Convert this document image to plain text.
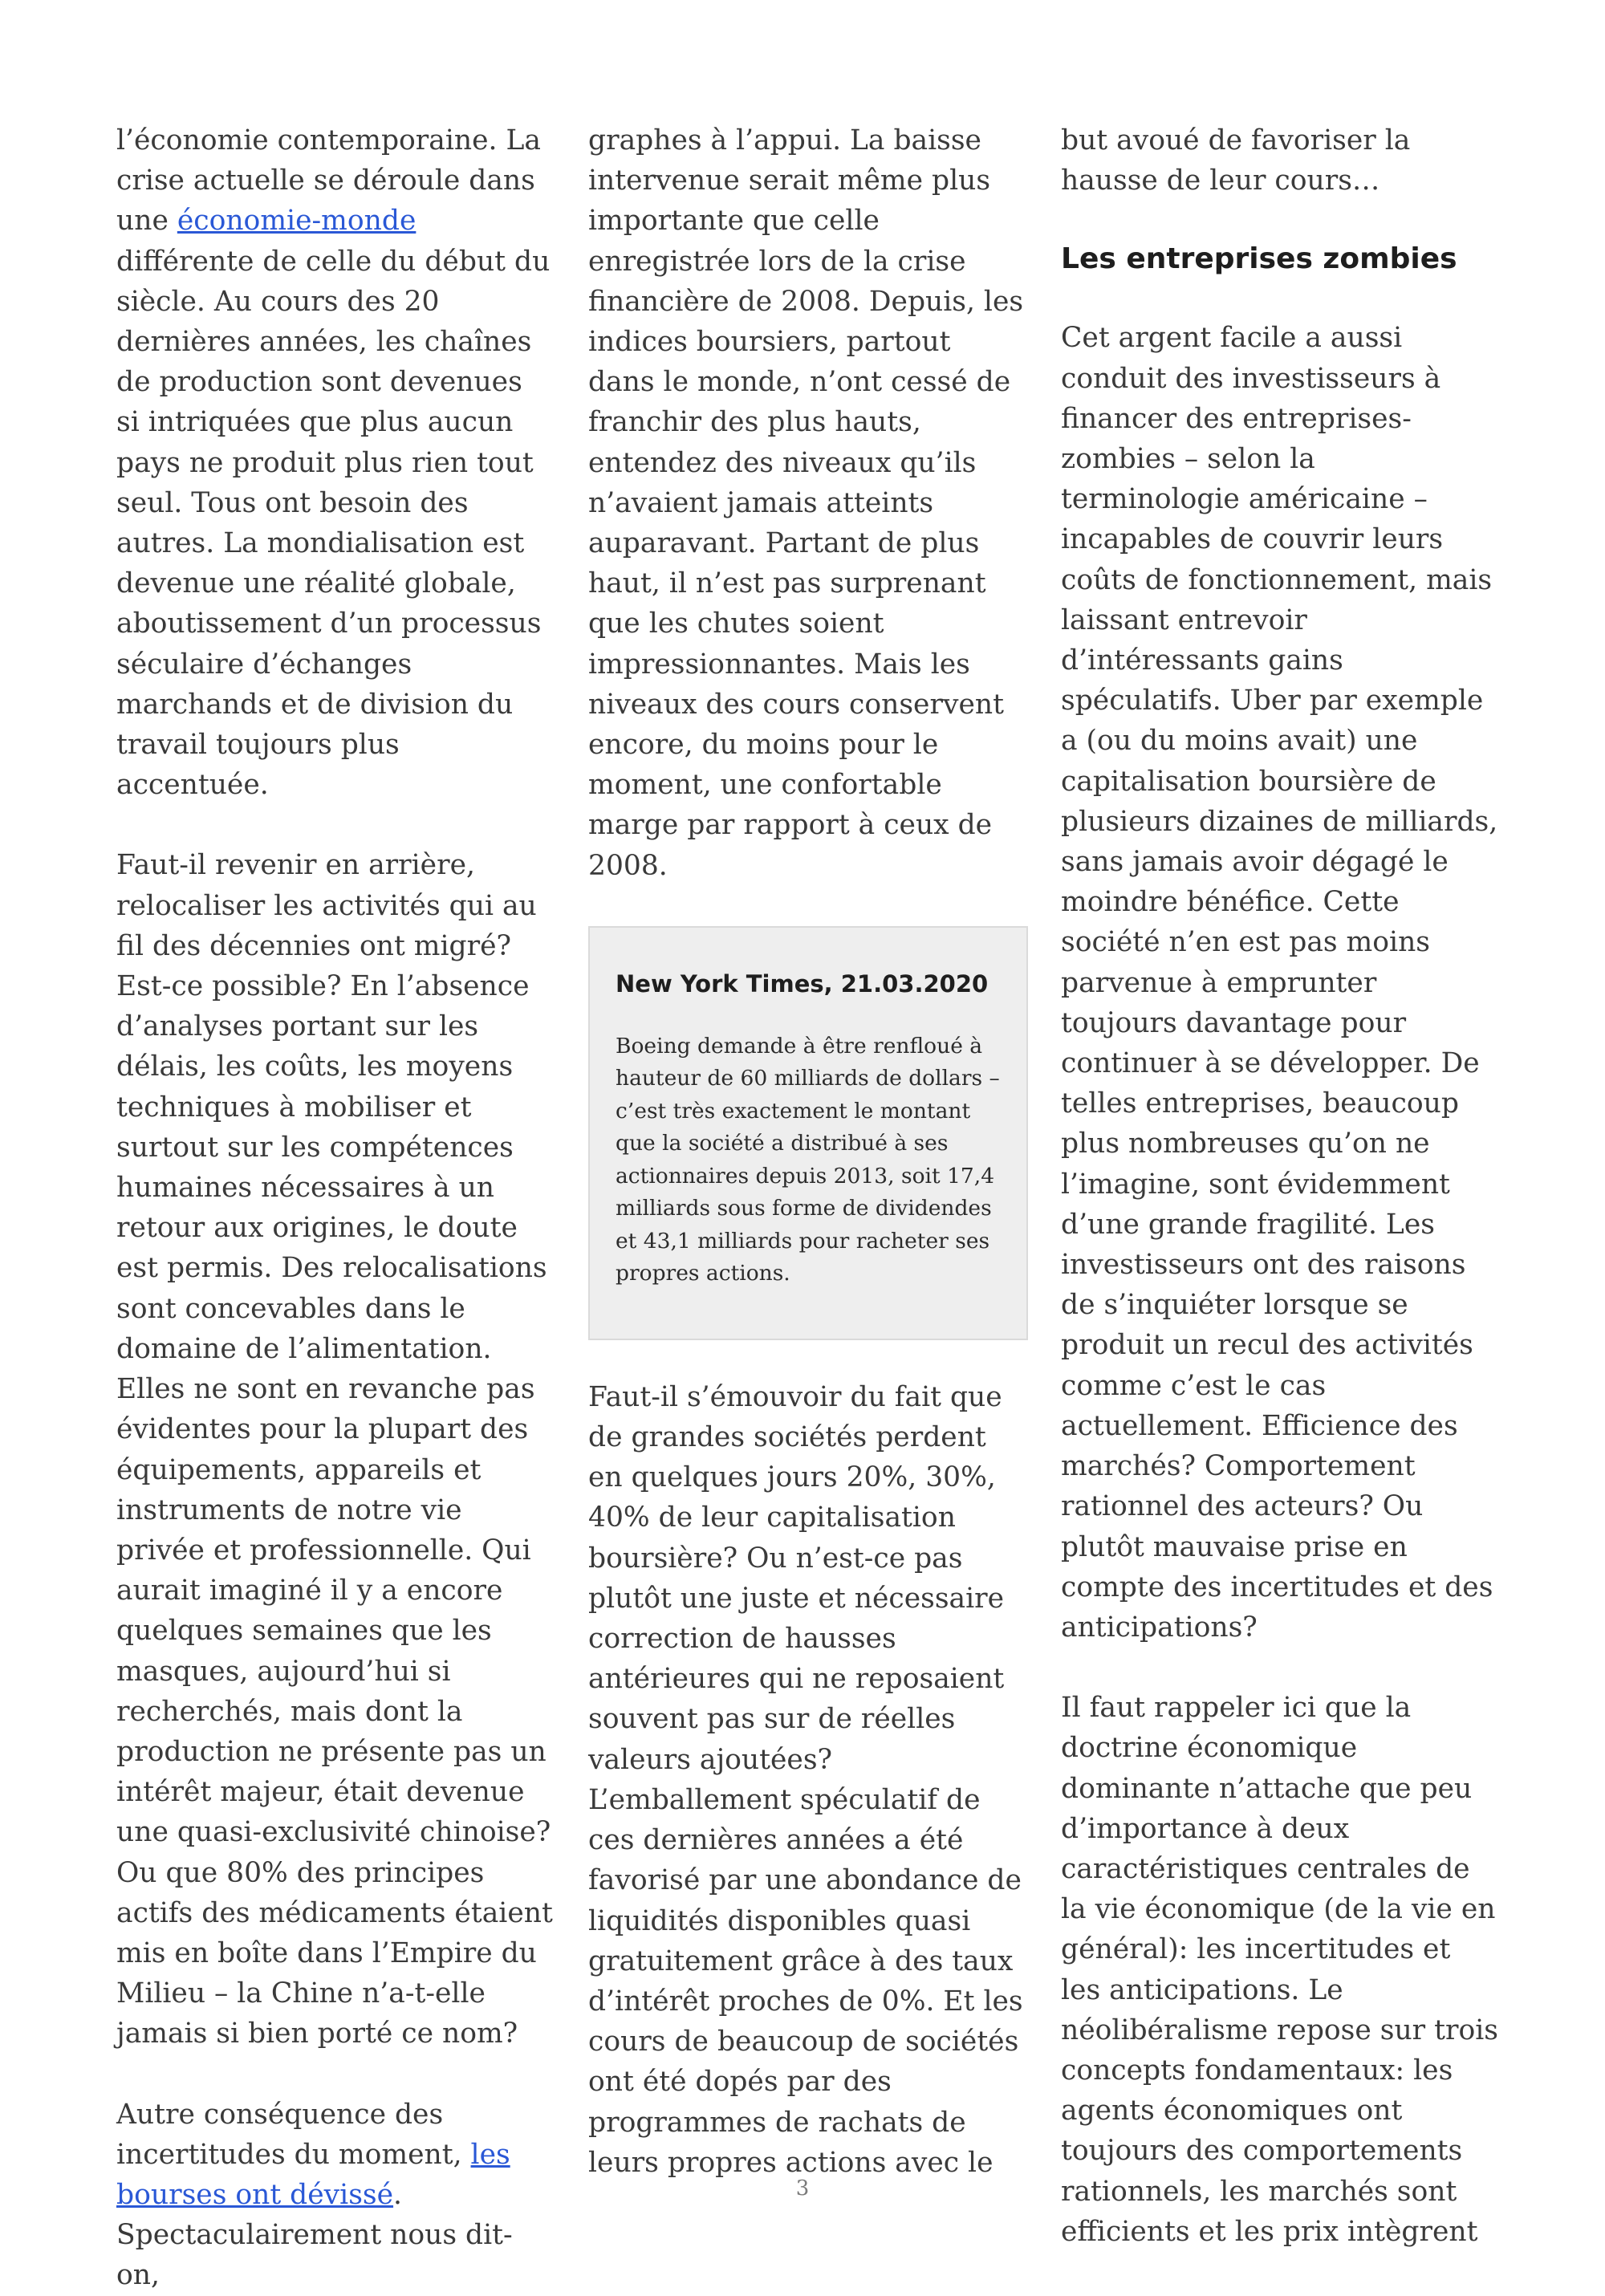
l’économie contemporaine. La crise actuelle se déroule dans une économie-monde différente de celle du début du siècle. Au cours des 20 dernières années, les chaînes de production sont devenues si intriquées que plus aucun pays ne produit plus rien tout seul. Tous ont besoin des autres. La mondialisation est devenue une réalité globale, aboutissement d’un processus séculaire d’échanges marchands et de division du travail toujours plus accentuée.

Faut-il revenir en arrière, relocaliser les activités qui au fil des décennies ont migré? Est-ce possible? En l’absence d’analyses portant sur les délais, les coûts, les moyens techniques à mobiliser et surtout sur les compétences humaines nécessaires à un retour aux origines, le doute est permis. Des relocalisations sont concevables dans le domaine de l’alimentation. Elles ne sont en revanche pas évidentes pour la plupart des équipements, appareils et instruments de notre vie privée et professionnelle. Qui aurait imaginé il y a encore quelques semaines que les masques, aujourd’hui si recherchés, mais dont la production ne présente pas un intérêt majeur, était devenue une quasi-exclusivité chinoise? Ou que 80% des principes actifs des médicaments étaient mis en boîte dans l’Empire du Milieu – la Chine n’a-t-elle jamais si bien porté ce nom?

Autre conséquence des incertitudes du moment, les bourses ont dévissé. Spectaculairement nous dit-on,

graphes à l’appui. La baisse intervenue serait même plus importante que celle enregistrée lors de la crise financière de 2008. Depuis, les indices boursiers, partout dans le monde, n’ont cessé de franchir des plus hauts, entendez des niveaux qu’ils n’avaient jamais atteints auparavant. Partant de plus haut, il n’est pas surprenant que les chutes soient impressionnantes. Mais les niveaux des cours conservent encore, du moins pour le moment, une confortable marge par rapport à ceux de 2008.

New York Times, 21.03.2020
Boeing demande à être renfloué à hauteur de 60 milliards de dollars – c’est très exactement le montant que la société a distribué à ses actionnaires depuis 2013, soit 17,4 milliards sous forme de dividendes et 43,1 milliards pour racheter ses propres actions.

Faut-il s’émouvoir du fait que de grandes sociétés perdent en quelques jours 20%, 30%, 40% de leur capitalisation boursière? Ou n’est-ce pas plutôt une juste et nécessaire correction de hausses antérieures qui ne reposaient souvent pas sur de réelles valeurs ajoutées? L’emballement spéculatif de ces dernières années a été favorisé par une abondance de liquidités disponibles quasi gratuitement grâce à des taux d’intérêt proches de 0%. Et les cours de beaucoup de sociétés ont été dopés par des programmes de rachats de leurs propres actions avec le

but avoué de favoriser la hausse de leur cours…

Les entreprises zombies

Cet argent facile a aussi conduit des investisseurs à financer des entreprises-zombies – selon la terminologie américaine – incapables de couvrir leurs coûts de fonctionnement, mais laissant entrevoir d’intéressants gains spéculatifs. Uber par exemple a (ou du moins avait) une capitalisation boursière de plusieurs dizaines de milliards, sans jamais avoir dégagé le moindre bénéfice. Cette société n’en est pas moins parvenue à emprunter toujours davantage pour continuer à se développer. De telles entreprises, beaucoup plus nombreuses qu’on ne l’imagine, sont évidemment d’une grande fragilité. Les investisseurs ont des raisons de s’inquiéter lorsque se produit un recul des activités comme c’est le cas actuellement. Efficience des marchés? Comportement rationnel des acteurs? Ou plutôt mauvaise prise en compte des incertitudes et des anticipations?

Il faut rappeler ici que la doctrine économique dominante n’attache que peu d’importance à deux caractéristiques centrales de la vie économique (de la vie en général): les incertitudes et les anticipations. Le néolibéralisme repose sur trois concepts fondamentaux: les agents économiques ont toujours des comportements rationnels, les marchés sont efficients et les prix intègrent

3
